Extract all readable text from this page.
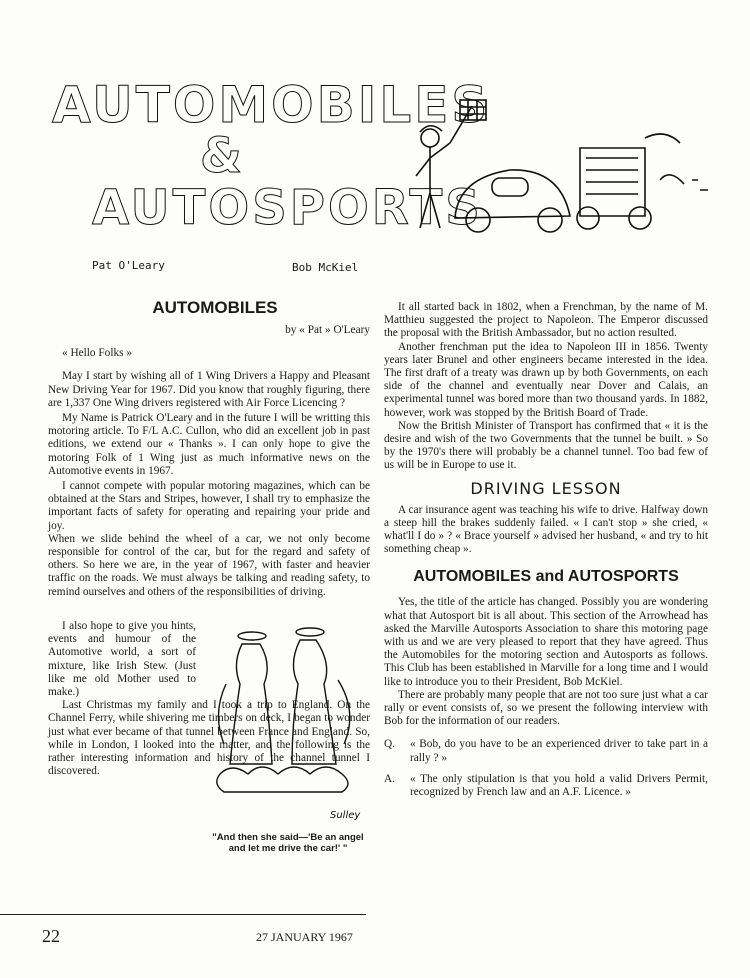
AUTOMOBILES
&
AUTOSPORTS
Pat O'Leary	Bob McKiel
AUTOMOBILES
by « Pat » O'Leary
« Hello Folks »
May I start by wishing all of 1 Wing Drivers a Happy and Pleasant New Driving Year for 1967. Did you know that roughly figuring, there are 1,337 One Wing drivers registered with Air Force Licencing ?
My Name is Patrick O'Leary and in the future I will be writting this motoring article. To F/L A.C. Cullon, who did an excellent job in past editions, we extend our « Thanks ». I can only hope to give the motoring Folk of 1 Wing just as much informative news on the Automotive events in 1967.
I cannot compete with popular motoring magazines, which can be obtained at the Stars and Stripes, however, I shall try to emphasize the important facts of safety for operating and repairing your pride and joy.
When we slide behind the wheel of a car, we not only become responsible for control of the car, but for the regard and safety of others. So here we are, in the year of 1967, with faster and heavier traffic on the roads. We must always be talking and reading safety, to remind ourselves and others of the responsibilities of driving.
I also hope to give you hints, events and humour of the Automotive world, a sort of mixture, like Irish Stew. (Just like me old Mother used to make.)
Last Christmas my family and I took a trip to England. On the Channel Ferry, while shivering me timbers on deck, I began to wonder just what ever became of that tunnel between France and England. So, while in London, I looked into the matter, and the following is the rather interesting information and history of the channel tunnel I discovered.
Sulley
"And then she said—'Be an angel and let me drive the car!' "
It all started back in 1802, when a Frenchman, by the name of M. Matthieu suggested the project to Napoleon. The Emperor discussed the proposal with the British Ambassador, but no action resulted.
Another frenchman put the idea to Napoleon III in 1856. Twenty years later Brunel and other engineers became interested in the idea. The first draft of a treaty was drawn up by both Governments, on each side of the channel and eventually near Dover and Calais, an experimental tunnel was bored more than two thousand yards. In 1882, however, work was stopped by the British Board of Trade.
Now the British Minister of Transport has confirmed that « it is the desire and wish of the two Governments that the tunnel be built. » So by the 1970's there will probably be a channel tunnel. Too bad few of us will be in Europe to use it.
DRIVING LESSON
A car insurance agent was teaching his wife to drive. Halfway down a steep hill the brakes suddenly failed. « I can't stop » she cried, « what'll I do » ? « Brace yourself » advised her husband, « and try to hit something cheap ».
AUTOMOBILES and AUTOSPORTS
Yes, the title of the article has changed. Possibly you are wondering what that Autosport bit is all about. This section of the Arrowhead has asked the Marville Autosports Association to share this motoring page with us and we are very pleased to report that they have agreed. Thus the Automobiles for the motoring section and Autosports as follows. This Club has been established in Marville for a long time and I would like to introduce you to their President, Bob McKiel.
There are probably many people that are not too sure just what a car rally or event consists of, so we present the following interview with Bob for the information of our readers.
Q.	« Bob, do you have to be an experienced driver to take part in a rally ? »
A.	« The only stipulation is that you hold a valid Drivers Permit, recognized by French law and an A.F. Licence. »
22	27 JANUARY 1967
